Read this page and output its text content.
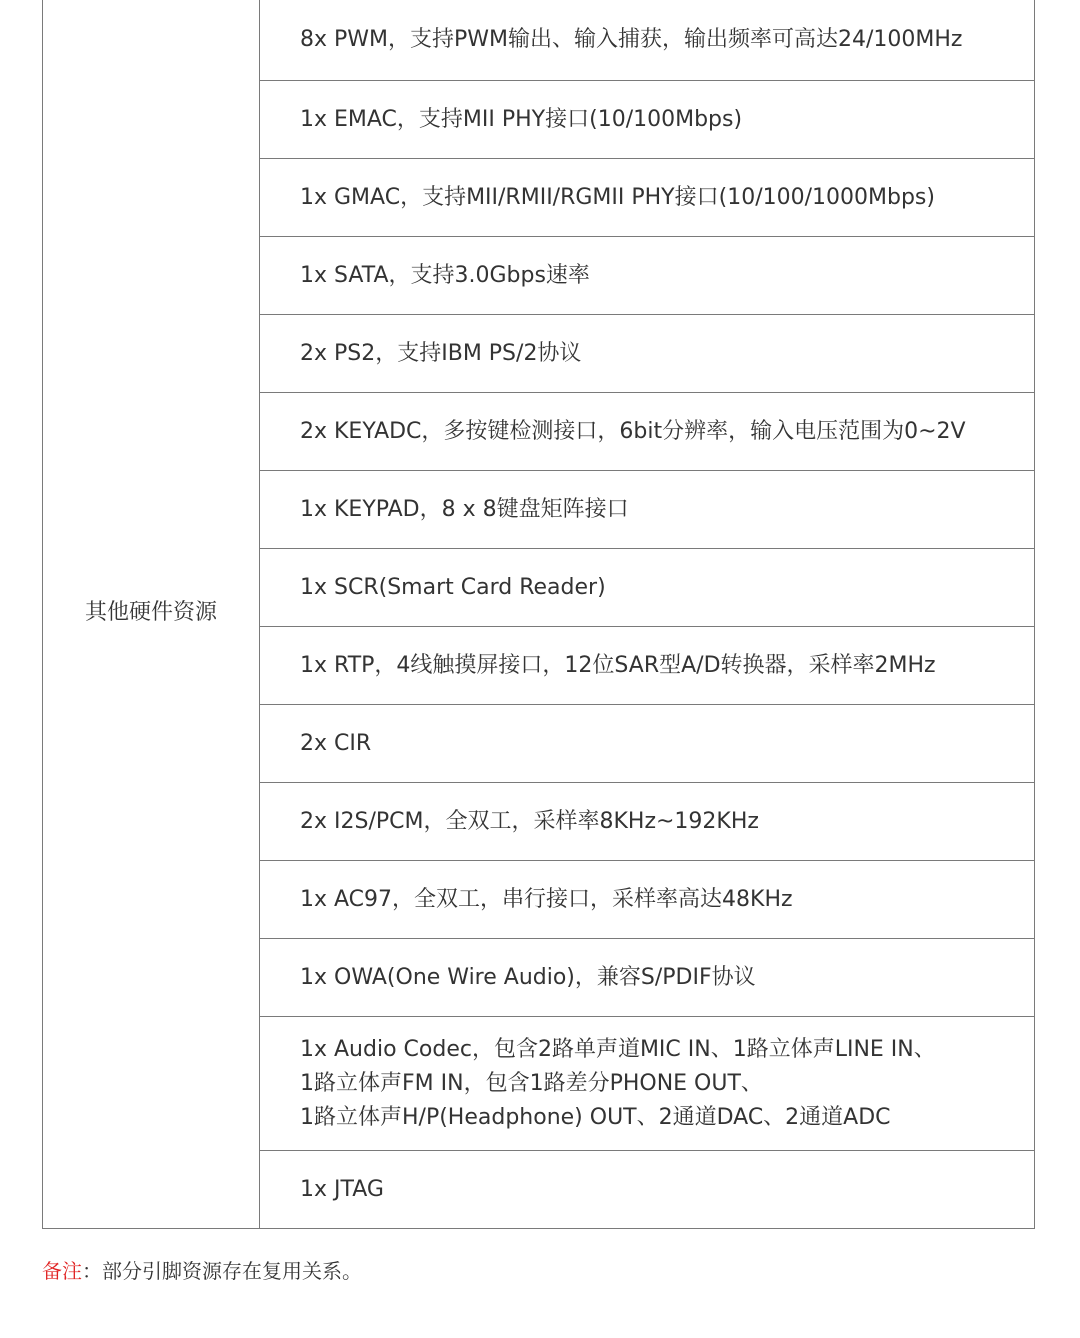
其他硬件资源	
8x PWM，支持PWM输出、输入捕获，输出频率可高达24/100MHz

1x EMAC，支持MII PHY接口(10/100Mbps)

1x GMAC，支持MII/RMII/RGMII PHY接口(10/100/1000Mbps)

1x SATA，支持3.0Gbps速率

2x PS2，支持IBM PS/2协议

2x KEYADC，多按键检测接口，6bit分辨率，输入电压范围为0~2V

1x KEYPAD，8 x 8键盘矩阵接口

1x SCR(Smart Card Reader)

1x RTP，4线触摸屏接口，12位SAR型A/D转换器，采样率2MHz

2x CIR

2x I2S/PCM，全双工，采样率8KHz~192KHz

1x AC97，全双工，串行接口，采样率高达48KHz

1x OWA(One Wire Audio)，兼容S/PDIF协议

1x Audio Codec，包含2路单声道MIC IN、1路立体声LINE IN、
1路立体声FM IN，包含1路差分PHONE OUT、
1路立体声H/P(Headphone) OUT、2通道DAC、2通道ADC

1x JTAG
备注：部分引脚资源存在复用关系。
